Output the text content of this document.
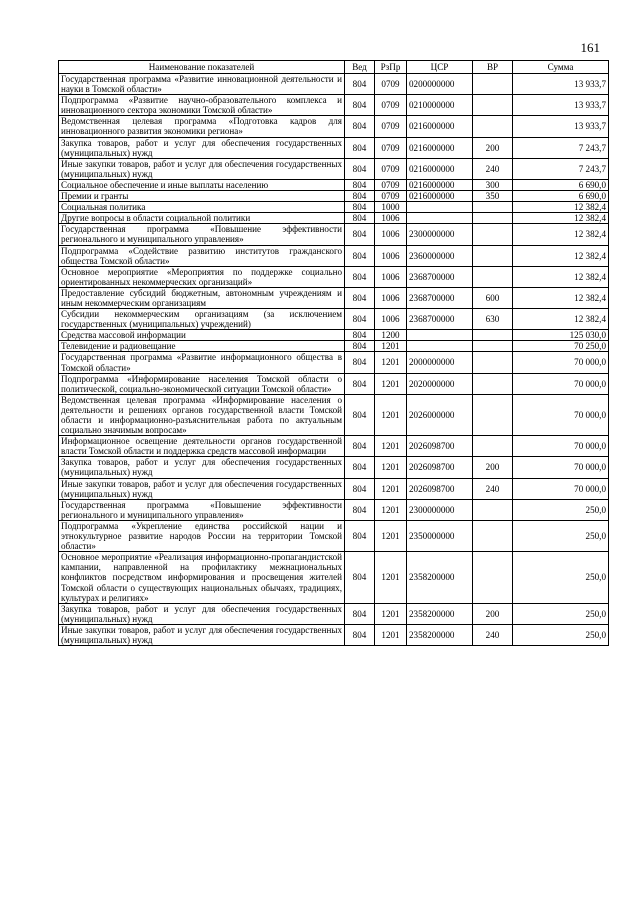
161
Наименование показателей	Вед	РзПр	ЦСР	ВР	Сумма
Государственная программа «Развитие инновационной деятельности и науки в Томской области»	804	0709	0200000000		13 933,7
Подпрограмма «Развитие научно-образовательного комплекса и инновационного сектора экономики Томской области»	804	0709	0210000000		13 933,7
Ведомственная целевая программа «Подготовка кадров для инновационного развития экономики региона»	804	0709	0216000000		13 933,7
Закупка товаров, работ и услуг для обеспечения государственных (муниципальных) нужд	804	0709	0216000000	200	7 243,7
Иные закупки товаров, работ и услуг для обеспечения государственных (муниципальных) нужд	804	0709	0216000000	240	7 243,7
Социальное обеспечение и иные выплаты населению	804	0709	0216000000	300	6 690,0
Премии и гранты	804	0709	0216000000	350	6 690,0
Социальная политика	804	1000			12 382,4
Другие вопросы в области социальной политики	804	1006			12 382,4
Государственная программа «Повышение эффективности регионального и муниципального управления»	804	1006	2300000000		12 382,4
Подпрограмма «Содействие развитию институтов гражданского общества Томской области»	804	1006	2360000000		12 382,4
Основное мероприятие «Мероприятия по поддержке социально ориентированных некоммерческих организаций»	804	1006	2368700000		12 382,4
Предоставление субсидий бюджетным, автономным учреждениям и иным некоммерческим организациям	804	1006	2368700000	600	12 382,4
Субсидии некоммерческим организациям (за исключением государственных (муниципальных) учреждений)	804	1006	2368700000	630	12 382,4
Средства массовой информации	804	1200			125 030,0
Телевидение и радиовещание	804	1201			70 250,0
Государственная программа «Развитие информационного общества в Томской области»	804	1201	2000000000		70 000,0
Подпрограмма «Информирование населения Томской области о политической, социально-экономической ситуации Томской области»	804	1201	2020000000		70 000,0
Ведомственная целевая программа «Информирование населения о деятельности и решениях органов государственной власти Томской области и информационно-разъяснительная работа по актуальным социально значимым вопросам»	804	1201	2026000000		70 000,0
Информационное освещение деятельности органов государственной власти Томской области и поддержка средств массовой информации	804	1201	2026098700		70 000,0
Закупка товаров, работ и услуг для обеспечения государственных (муниципальных) нужд	804	1201	2026098700	200	70 000,0
Иные закупки товаров, работ и услуг для обеспечения государственных (муниципальных) нужд	804	1201	2026098700	240	70 000,0
Государственная программа «Повышение эффективности регионального и муниципального управления»	804	1201	2300000000		250,0
Подпрограмма «Укрепление единства российской нации и этнокультурное развитие народов России на территории Томской области»	804	1201	2350000000		250,0
Основное мероприятие «Реализация информационно-пропагандистской кампании, направленной на профилактику межнациональных конфликтов посредством информирования и просвещения жителей Томской области о существующих национальных обычаях, традициях, культурах и религиях»	804	1201	2358200000		250,0
Закупка товаров, работ и услуг для обеспечения государственных (муниципальных) нужд	804	1201	2358200000	200	250,0
Иные закупки товаров, работ и услуг для обеспечения государственных (муниципальных) нужд	804	1201	2358200000	240	250,0
